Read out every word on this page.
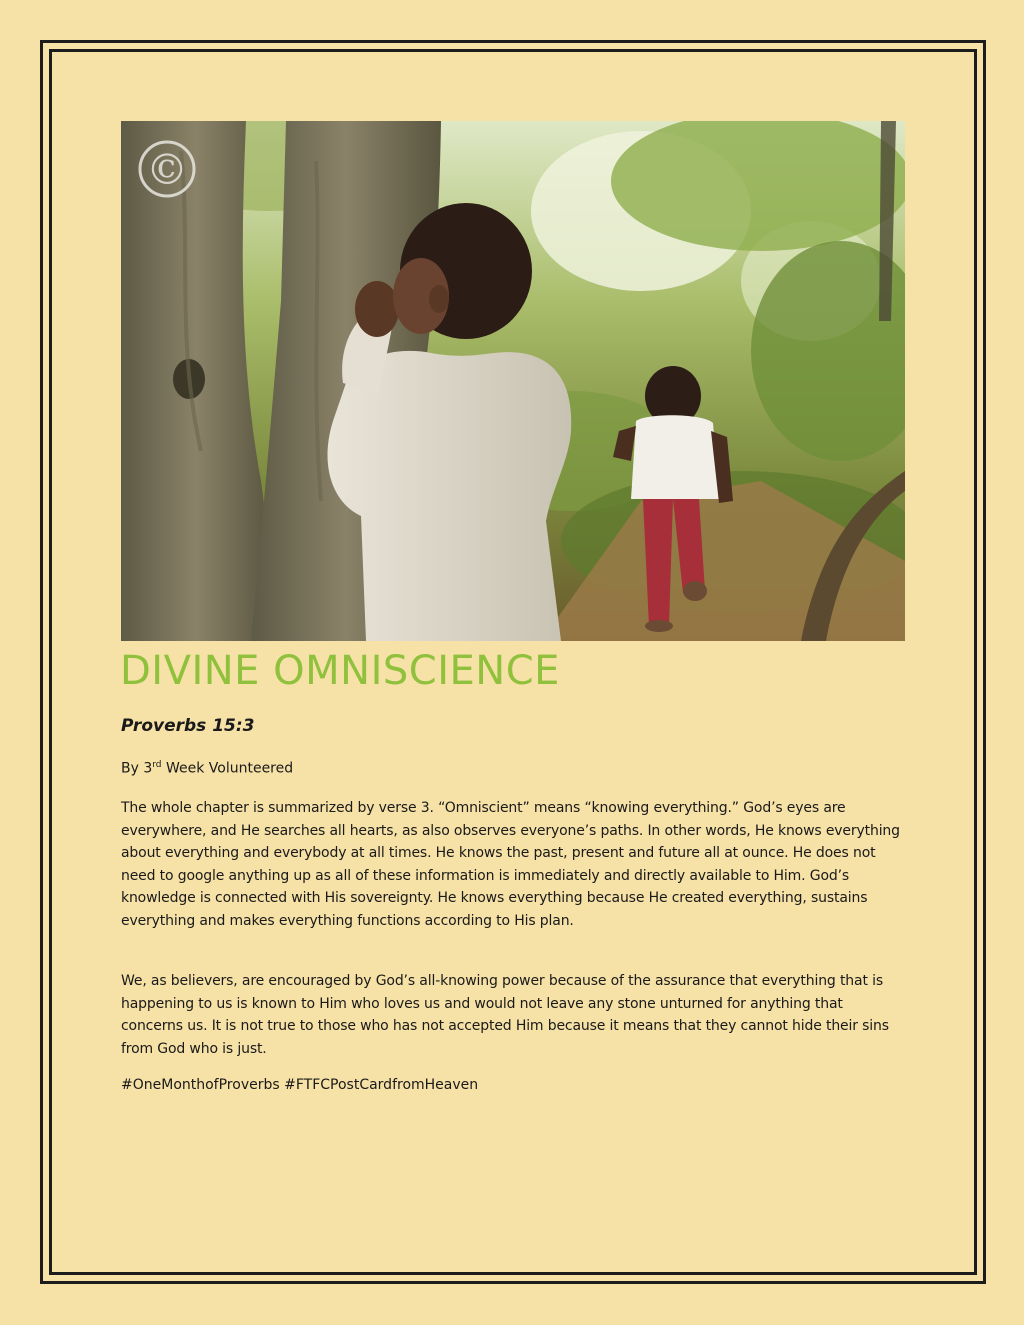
©
DIVINE OMNISCIENCE

Proverbs 15:3

By 3rd Week Volunteered

The whole chapter is summarized by verse 3. “Omniscient” means “knowing everything.” God’s eyes are everywhere, and He searches all hearts, as also observes everyone’s paths. In other words, He knows everything about everything and everybody at all times. He knows the past, present and future all at ounce. He does not need to google anything up as all of these information is immediately and directly available to Him. God’s knowledge is connected with His sovereignty. He knows everything because He created everything, sustains everything and makes everything functions according to His plan.

We, as believers, are encouraged by God’s all-knowing power because of the assurance that everything that is happening to us is known to Him who loves us and would not leave any stone unturned for anything that concerns us. It is not true to those who has not accepted Him because it means that they cannot hide their sins from God who is just.

#OneMonthofProverbs #FTFCPostCardfromHeaven
